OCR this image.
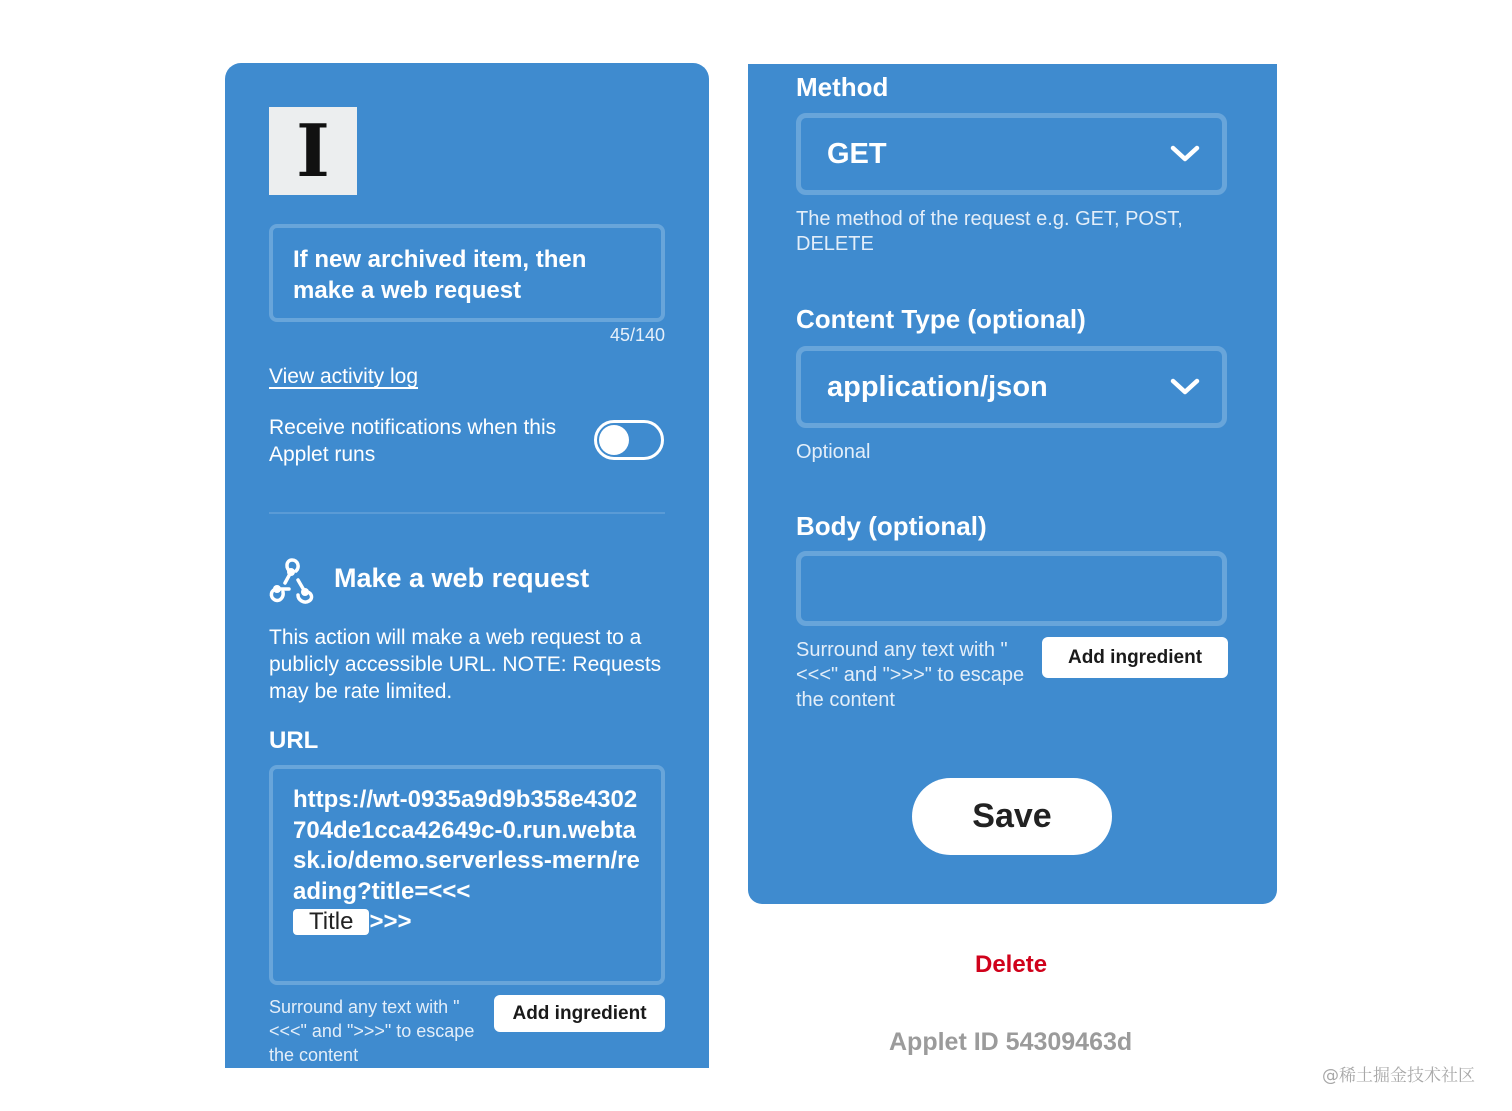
I
If new archived item, then make a web request
45/140
View activity log
Receive notifications when this Applet runs
Make a web request
This action will make a web request to a publicly accessible URL. NOTE: Requests may be rate limited.
URL
https://wt-0935a9d9b358e4302704de1cca42649c-0.run.webtask.io/demo.serverless-mern/reading?title=<<<
Title >>>
Surround any text with "<<<" and ">>>" to escape the content
Add ingredient
Method
GET
The method of the request e.g. GET, POST, DELETE
Content Type (optional)
application/json
Optional
Body (optional)
Surround any text with "<<<" and ">>>" to escape the content
Add ingredient
Save
Delete
Applet ID 54309463d
@稀土掘金技术社区
